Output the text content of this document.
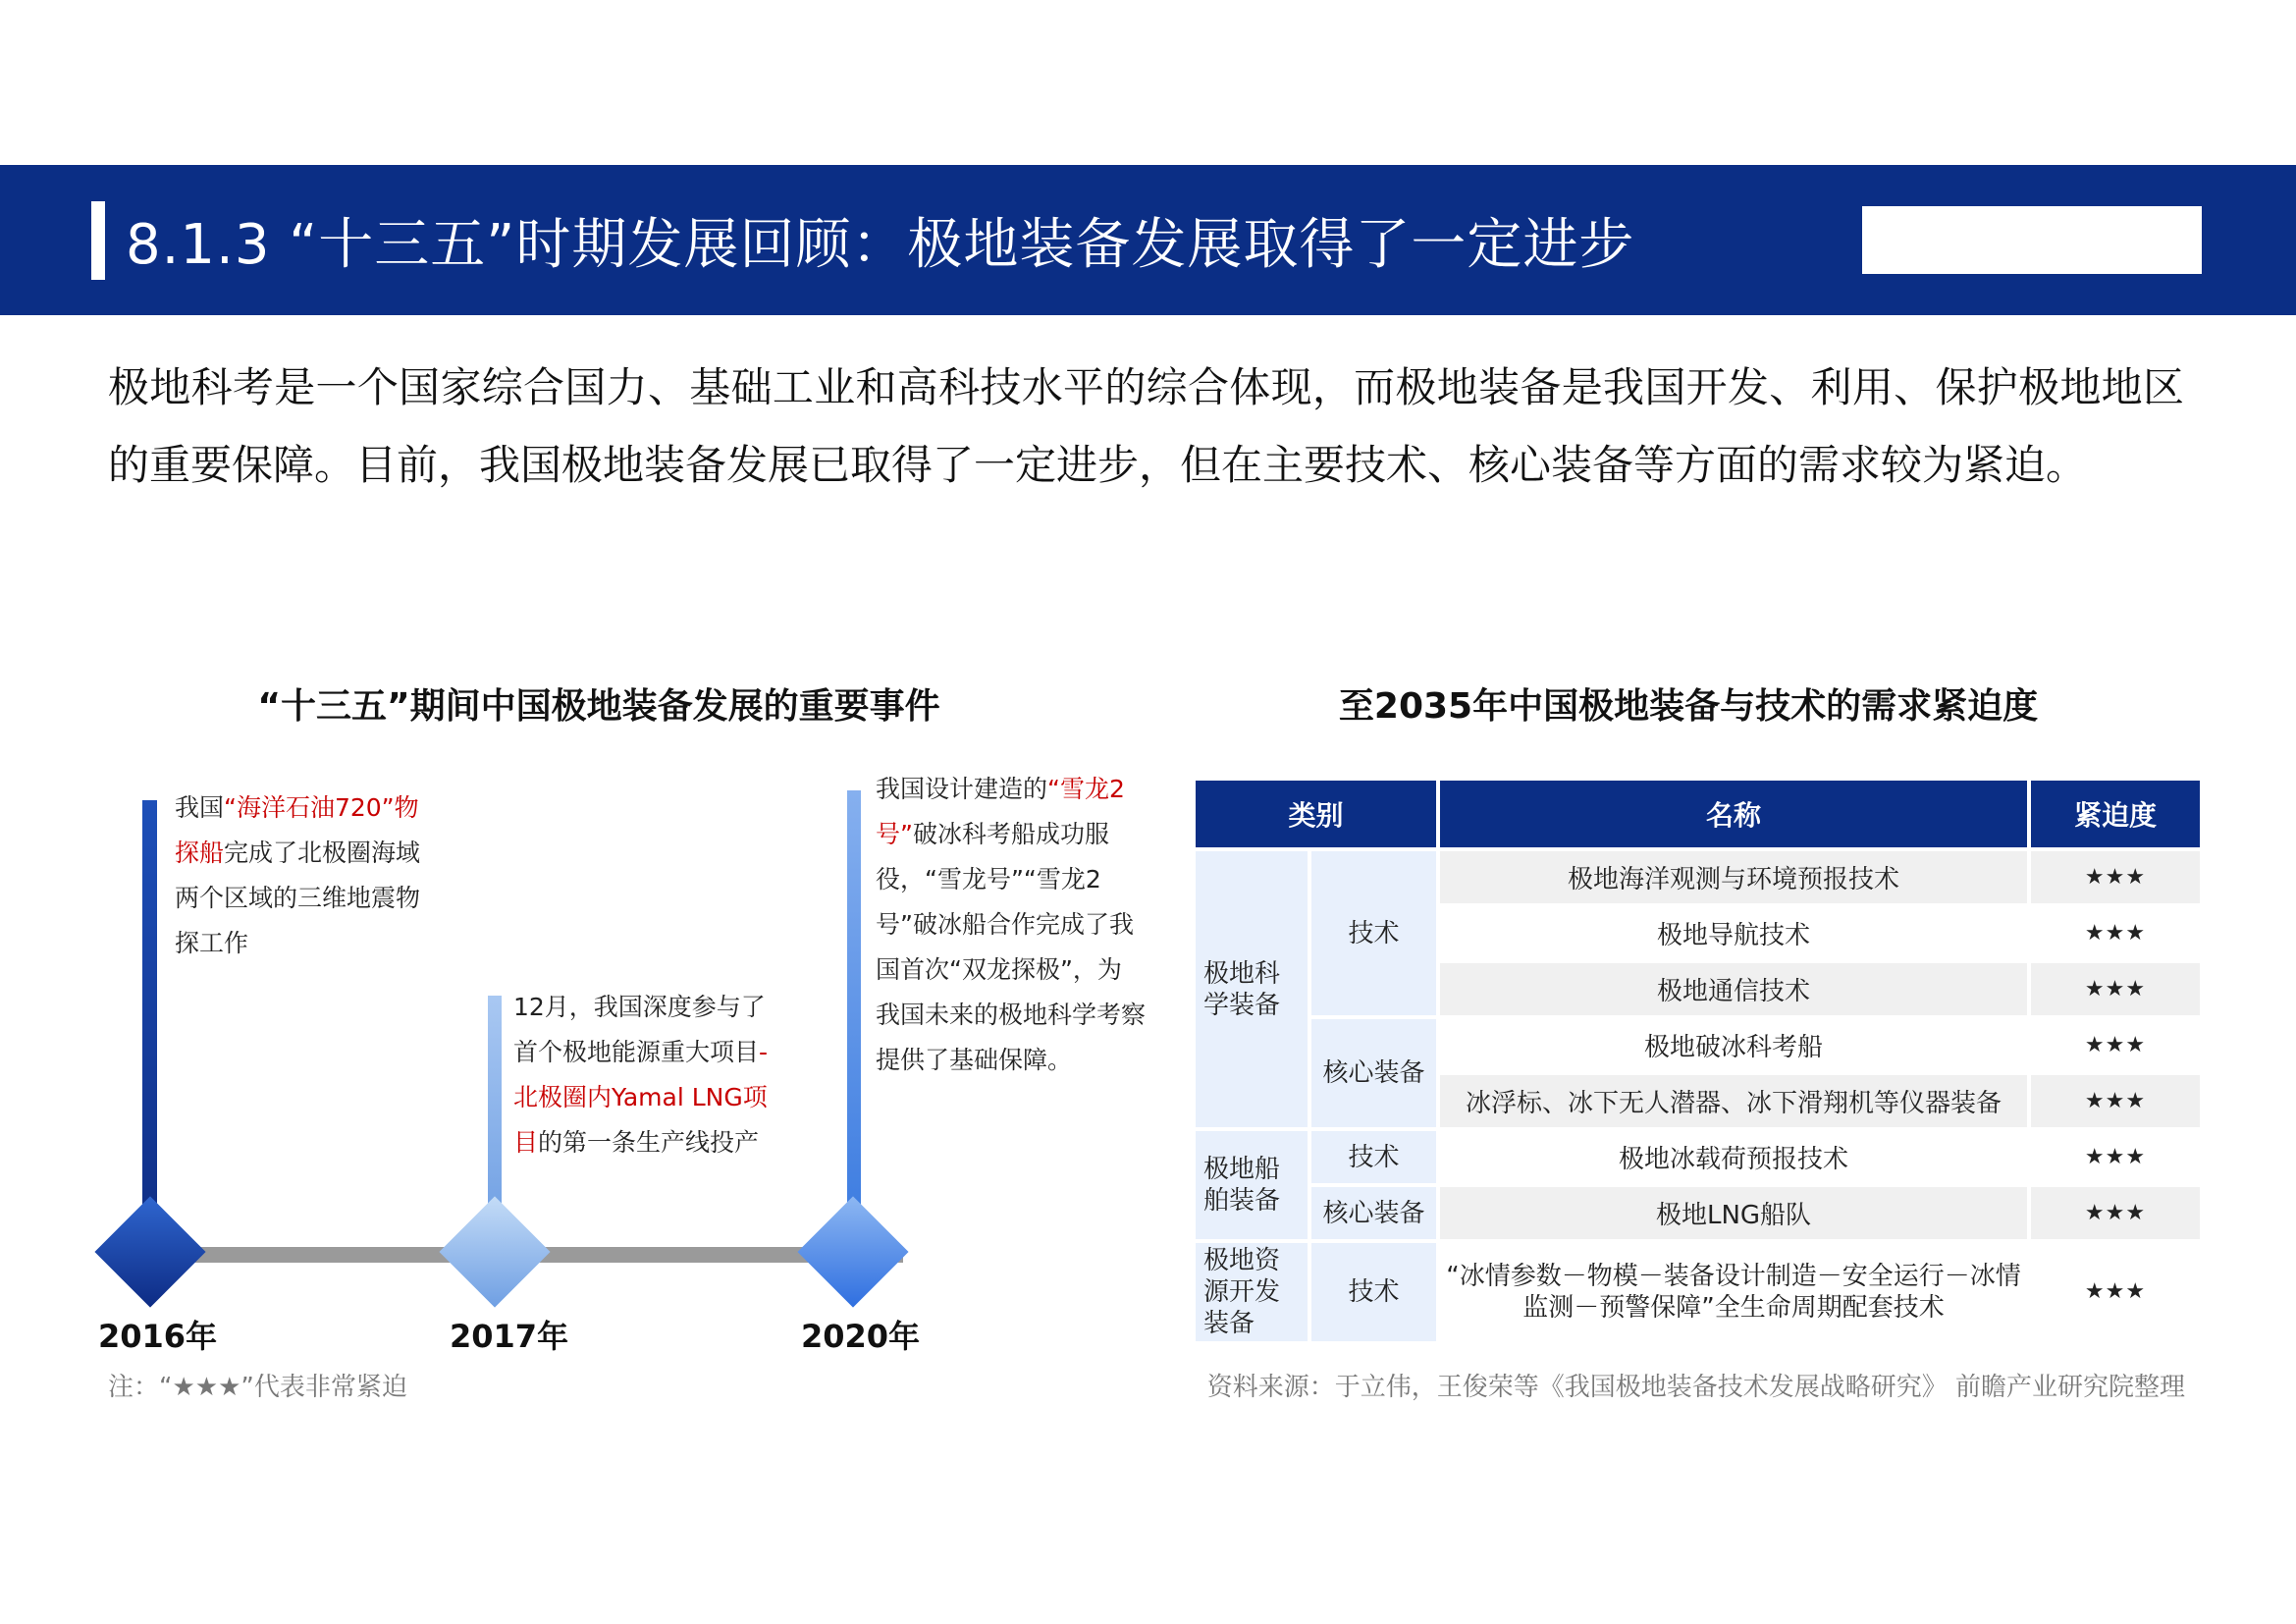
8.1.3 “十三五”时期发展回顾：极地装备发展取得了一定进步

极地科考是一个国家综合国力、基础工业和高科技水平的综合体现，而极地装备是我国开发、利用、保护极地地区的重要保障。目前，我国极地装备发展已取得了一定进步，但在主要技术、核心装备等方面的需求较为紧迫。

“十三五”期间中国极地装备发展的重要事件

我国“海洋石油720”物探船完成了北极圈海域两个区域的三维地震物探工作

12月，我国深度参与了首个极地能源重大项目-北极圈内Yamal LNG项目的第一条生产线投产

我国设计建造的“雪龙2号”破冰科考船成功服役，“雪龙号”“雪龙2号”破冰船合作完成了我国首次“双龙探极”，为我国未来的极地科学考察提供了基础保障。

2016年	2017年	2020年
注：“★★★”代表非常紧迫
至2035年中国极地装备与技术的需求紧迫度
类别		名称	紧迫度
极地科学装备	技术	极地海洋观测与环境预报技术	★★★
		极地导航技术	★★★
		极地通信技术	★★★
	核心装备	极地破冰科考船	★★★
		冰浮标、冰下无人潜器、冰下滑翔机等仪器装备	★★★
极地船舶装备	技术	极地冰载荷预报技术	★★★
	核心装备	极地LNG船队	★★★
极地资源开发装备	技术	“冰情参数－物模－装备设计制造－安全运行－冰情监测－预警保障”全生命周期配套技术	★★★
资料来源：于立伟，王俊荣等《我国极地装备技术发展战略研究》 前瞻产业研究院整理
